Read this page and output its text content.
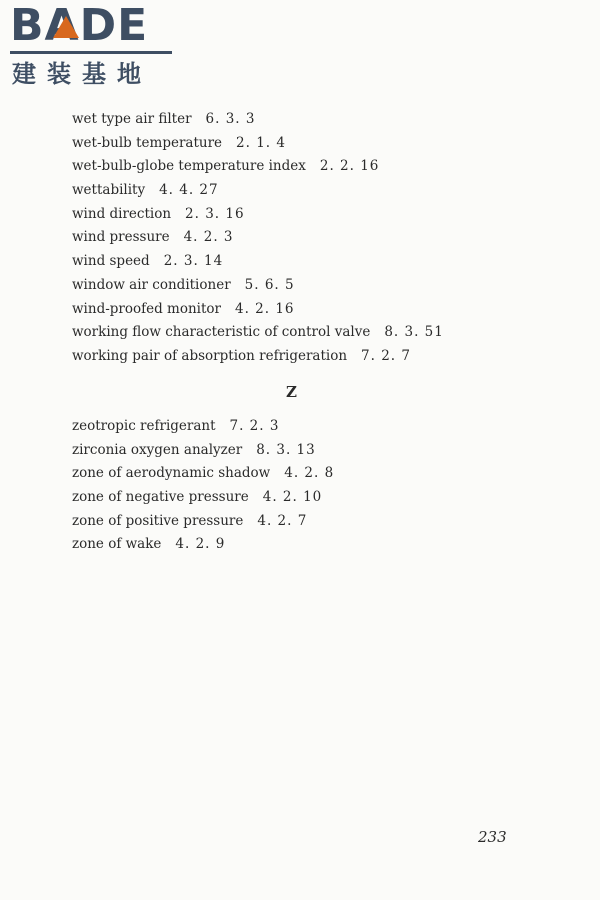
BADE
建装基地
wet type air filter 6. 3. 3
wet-bulb temperature 2. 1. 4
wet-bulb-globe temperature index 2. 2. 16
wettability 4. 4. 27
wind direction 2. 3. 16
wind pressure 4. 2. 3
wind speed 2. 3. 14
window air conditioner 5. 6. 5
wind-proofed monitor 4. 2. 16
working flow characteristic of control valve 8. 3. 51
working pair of absorption refrigeration 7. 2. 7
Z
zeotropic refrigerant 7. 2. 3
zirconia oxygen analyzer 8. 3. 13
zone of aerodynamic shadow 4. 2. 8
zone of negative pressure 4. 2. 10
zone of positive pressure 4. 2. 7
zone of wake 4. 2. 9
233
